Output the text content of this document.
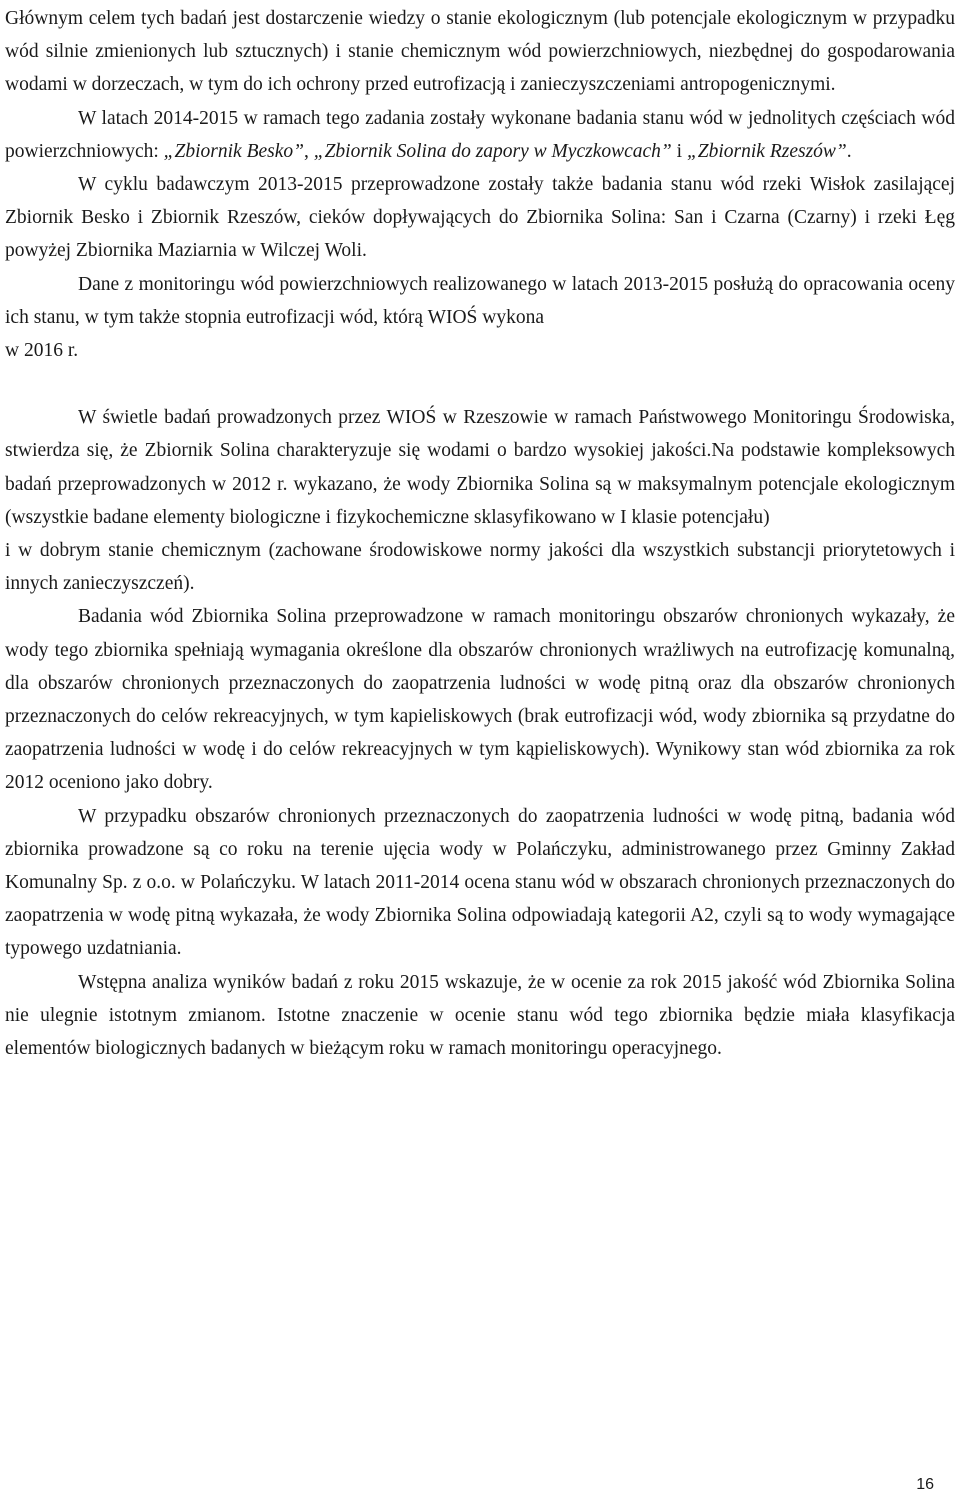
Głównym celem tych badań jest dostarczenie wiedzy o stanie ekologicznym (lub potencjale ekologicznym w przypadku wód silnie zmienionych lub sztucznych) i stanie chemicznym wód powierzchniowych, niezbędnej do gospodarowania wodami w dorzeczach, w tym do ich ochrony przed eutrofizacją i zanieczyszczeniami antropogenicznymi.

W latach 2014-2015 w ramach tego zadania zostały wykonane badania stanu wód w jednolitych częściach wód powierzchniowych: „Zbiornik Besko”, „Zbiornik Solina do zapory w Myczkowcach” i „Zbiornik Rzeszów”.

W cyklu badawczym 2013-2015 przeprowadzone zostały także badania stanu wód rzeki Wisłok zasilającej Zbiornik Besko i Zbiornik Rzeszów, cieków dopływających do Zbiornika Solina: San i Czarna (Czarny) i rzeki Łęg powyżej Zbiornika Maziarnia w Wilczej Woli.

Dane z monitoringu wód powierzchniowych realizowanego w latach 2013-2015 posłużą do opracowania oceny ich stanu, w tym także stopnia eutrofizacji wód, którą WIOŚ wykona

w 2016 r.

W świetle badań prowadzonych przez WIOŚ w Rzeszowie w ramach Państwowego Monitoringu Środowiska, stwierdza się, że Zbiornik Solina charakteryzuje się wodami o bardzo wysokiej jakości.Na podstawie kompleksowych badań przeprowadzonych w 2012 r. wykazano, że wody Zbiornika Solina są w maksymalnym potencjale ekologicznym (wszystkie badane elementy biologiczne i fizykochemiczne sklasyfikowano w I klasie potencjału)

i w dobrym stanie chemicznym (zachowane środowiskowe normy jakości dla wszystkich substancji priorytetowych i innych zanieczyszczeń).

Badania wód Zbiornika Solina przeprowadzone w ramach monitoringu obszarów chronionych wykazały, że wody tego zbiornika spełniają wymagania określone dla obszarów chronionych wrażliwych na eutrofizację komunalną, dla obszarów chronionych przeznaczonych do zaopatrzenia ludności w wodę pitną oraz dla obszarów chronionych przeznaczonych do celów rekreacyjnych, w tym kapieliskowych (brak eutrofizacji wód, wody zbiornika są przydatne do zaopatrzenia ludności w wodę i do celów rekreacyjnych w tym kąpieliskowych). Wynikowy stan wód zbiornika za rok 2012 oceniono jako dobry.

W przypadku obszarów chronionych przeznaczonych do zaopatrzenia ludności w wodę pitną, badania wód zbiornika prowadzone są co roku na terenie ujęcia wody w Polańczyku, administrowanego przez Gminny Zakład Komunalny Sp. z o.o. w Polańczyku. W latach 2011-2014 ocena stanu wód w obszarach chronionych przeznaczonych do zaopatrzenia w wodę pitną wykazała, że wody Zbiornika Solina odpowiadają kategorii A2, czyli są to wody wymagające typowego uzdatniania.

Wstępna analiza wyników badań z roku 2015 wskazuje, że w ocenie za rok 2015 jakość wód Zbiornika Solina nie ulegnie istotnym zmianom. Istotne znaczenie w ocenie stanu wód tego zbiornika będzie miała klasyfikacja elementów biologicznych badanych w bieżącym roku w ramach monitoringu operacyjnego.

16
